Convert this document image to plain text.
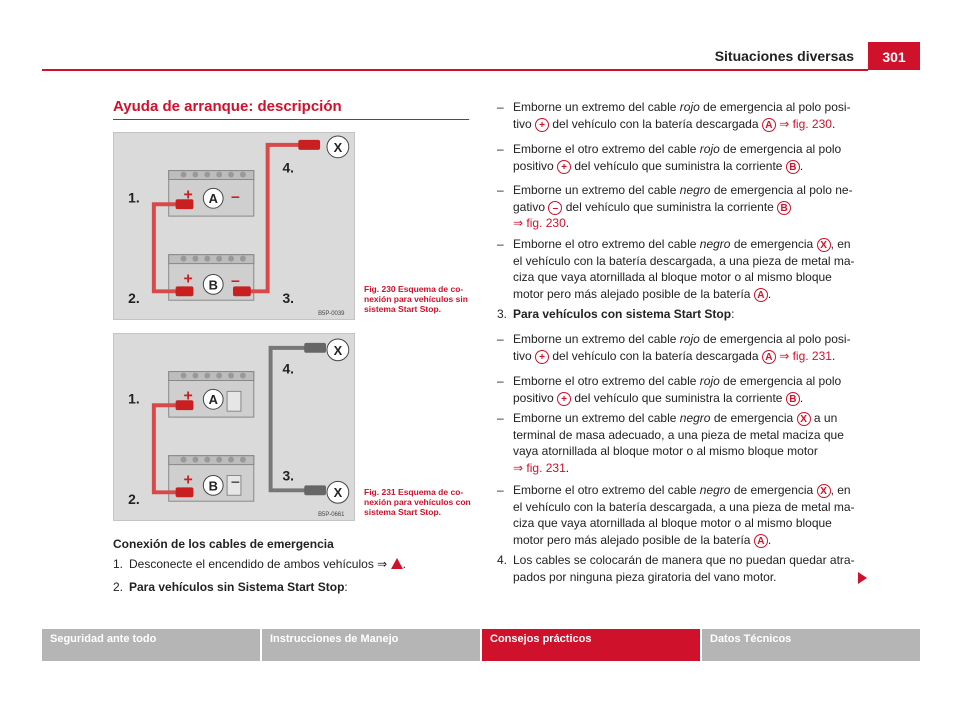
Situaciones diversas	301
Ayuda de arranque: descripción
+ –
+ –
A
B
X
1.
2.	3.
4.
B5P-0039
Fig. 230 Esquema de co-nexión para vehículos sin sistema Start Stop.
+
+ –
A
B
X
X
1.
2.
3.
4.
B5P-0661
Fig. 231 Esquema de co-nexión para vehículos con sistema Start Stop.
Conexión de los cables de emergencia
1. Desconecte el encendido de ambos vehículos ⇒ .
2. Para vehículos sin Sistema Start Stop:
– Emborne un extremo del cable rojo de emergencia al polo posi-
tivo + del vehículo con la batería descargada A ⇒ fig. 230.
– Emborne el otro extremo del cable rojo de emergencia al polo
positivo + del vehículo que suministra la corriente B .
– Emborne un extremo del cable negro de emergencia al polo ne-
gativo – del vehículo que suministra la corriente B
⇒ fig. 230.
– Emborne el otro extremo del cable negro de emergencia X , en el vehículo con la batería descargada, a una pieza de metal ma-ciza que vaya atornillada al bloque motor o al mismo bloque motor pero más alejado posible de la batería A .
3. Para vehículos con sistema Start Stop:
– Emborne un extremo del cable rojo de emergencia al polo posi-
tivo + del vehículo con la batería descargada A ⇒ fig. 231.
– Emborne el otro extremo del cable rojo de emergencia al polo
positivo + del vehículo que suministra la corriente B .
– Emborne un extremo del cable negro de emergencia X a un terminal de masa adecuado, a una pieza de metal maciza que vaya atornillada al bloque motor o al mismo bloque motor
⇒ fig. 231.
– Emborne el otro extremo del cable negro de emergencia X , en el vehículo con la batería descargada, a una pieza de metal ma-ciza que vaya atornillada al bloque motor o al mismo bloque motor pero más alejado posible de la batería A .
4. Los cables se colocarán de manera que no puedan quedar atra-pados por ninguna pieza giratoria del vano motor.
Seguridad ante todo	Instrucciones de Manejo	Consejos prácticos	Datos Técnicos
